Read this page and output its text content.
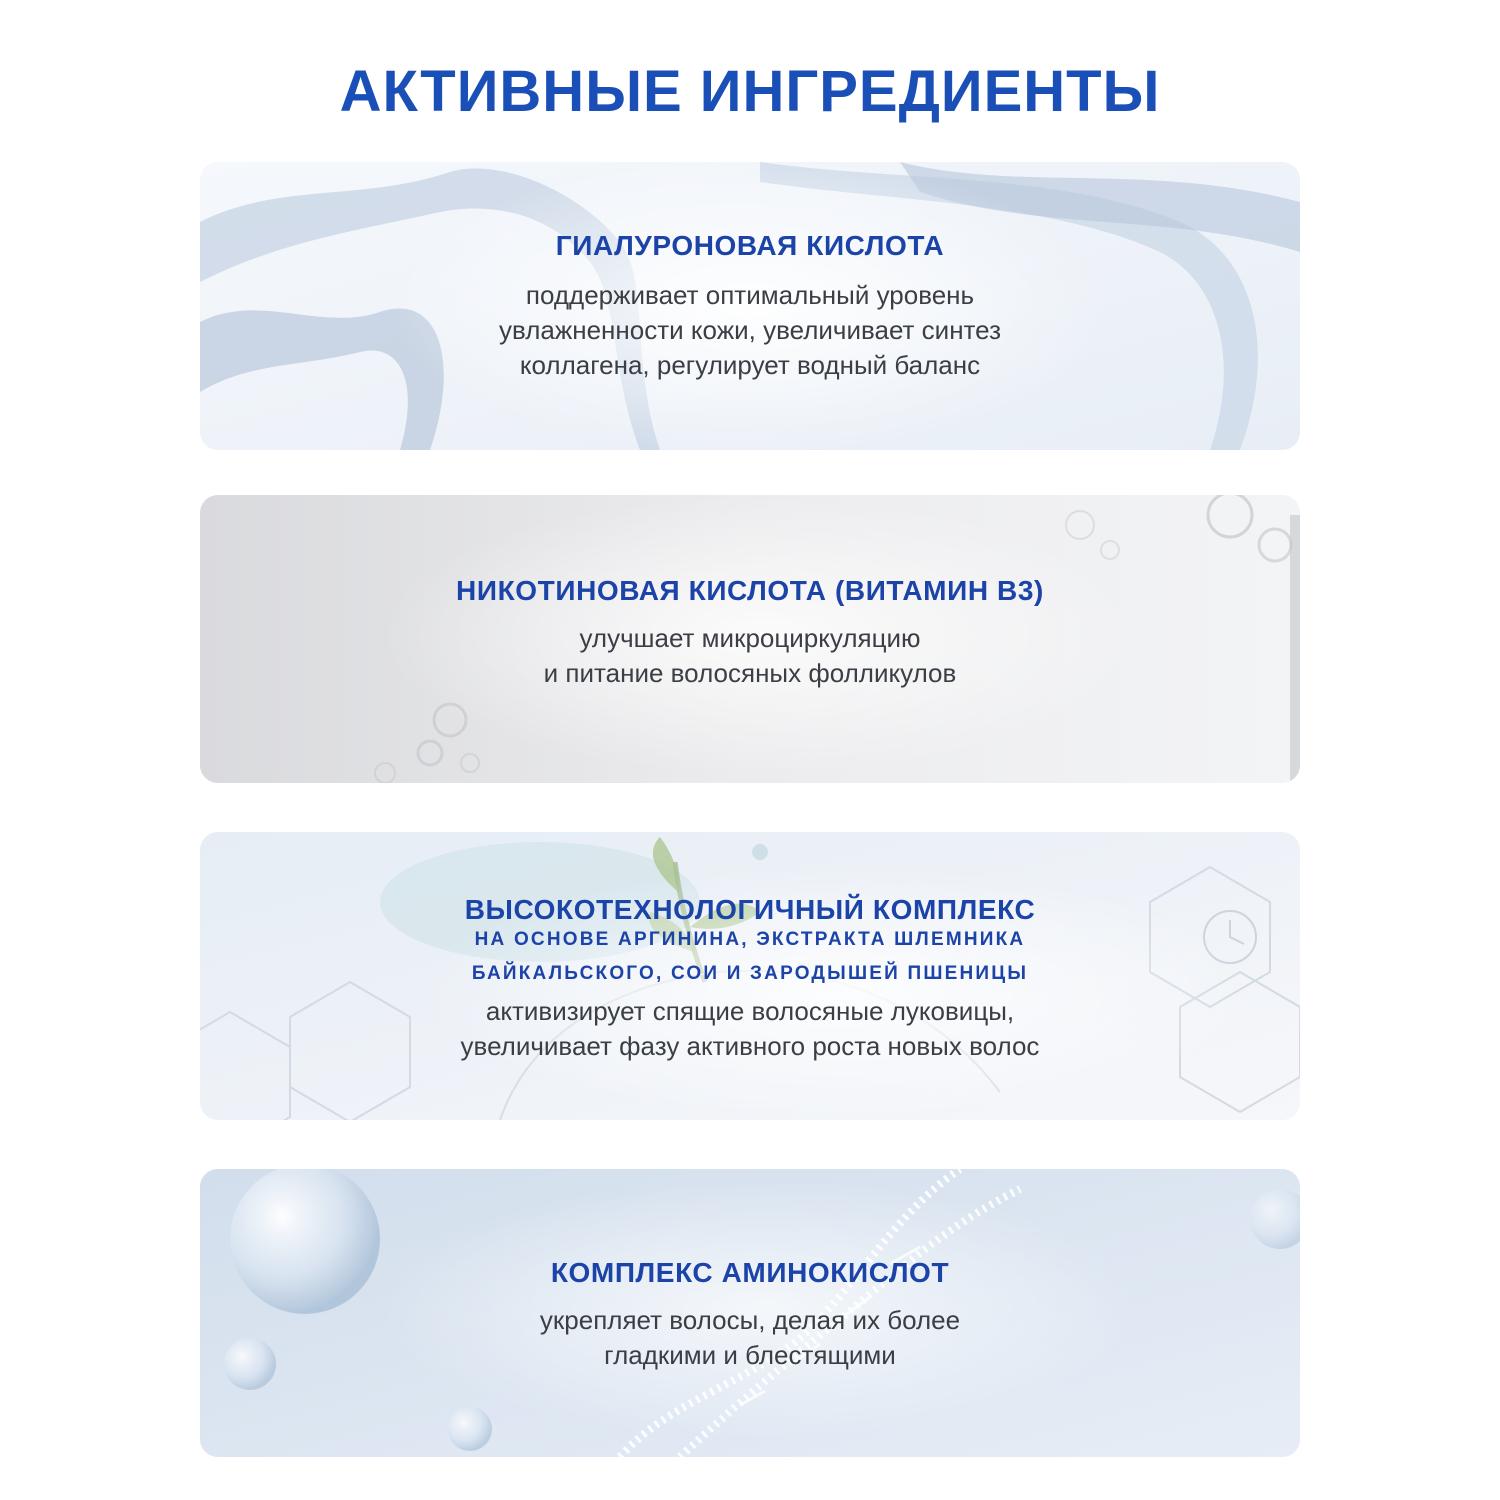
АКТИВНЫЕ ИНГРЕДИЕНТЫ

ГИАЛУРОНОВАЯ КИСЛОТА

поддерживает оптимальный уровень

увлажненности кожи, увеличивает синтез

коллагена, регулирует водный баланс

НИКОТИНОВАЯ КИСЛОТА (ВИТАМИН B3)

улучшает микроциркуляцию

и питание волосяных фолликулов

ВЫСОКОТЕХНОЛОГИЧНЫЙ КОМПЛЕКС

НА ОСНОВЕ АРГИНИНА, ЭКСТРАКТА ШЛЕМНИКА

БАЙКАЛЬСКОГО, СОИ И ЗАРОДЫШЕЙ ПШЕНИЦЫ

активизирует спящие волосяные луковицы,

увеличивает фазу активного роста новых волос

КОМПЛЕКС АМИНОКИСЛОТ

укрепляет волосы, делая их более

гладкими и блестящими
